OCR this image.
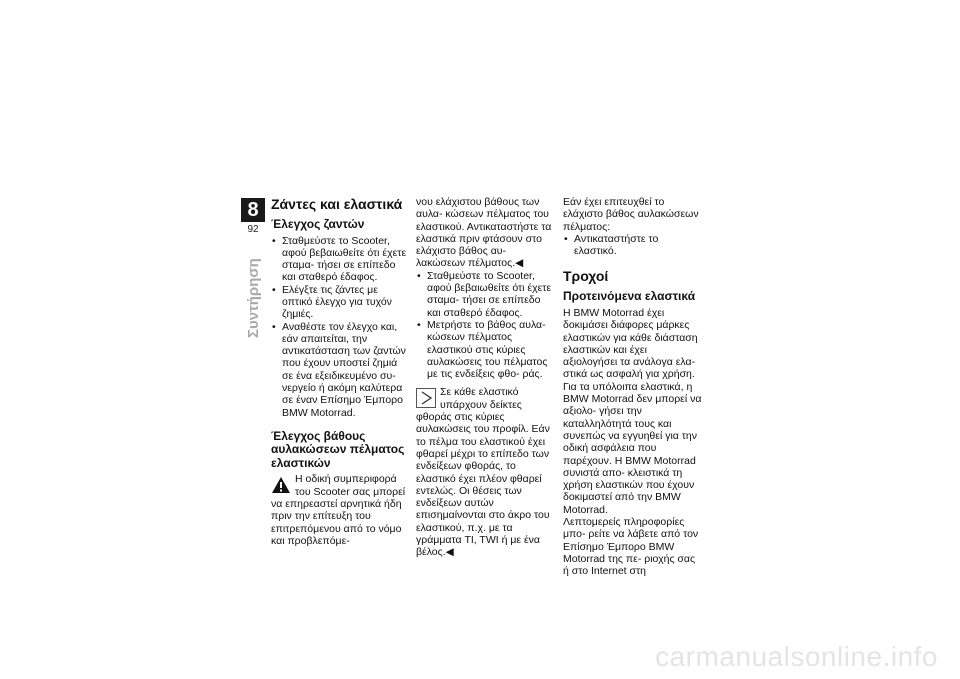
8
92
Συντήρηση
Ζάντες και ελαστικά
Έλεγχος ζαντών
• Σταθμεύστε το Scooter, αφού βεβαιωθείτε ότι έχετε σταμα- τήσει σε επίπεδο και σταθερό έδαφος.
• Ελέγξτε τις ζάντες με οπτικό έλεγχο για τυχόν ζημιές.
• Αναθέστε τον έλεγχο και, εάν απαιτείται, την αντικατάσταση των ζαντών που έχουν υποστεί ζημιά σε ένα εξειδικευμένο συ- νεργείο ή ακόμη καλύτερα σε έναν Επίσημο Έμπορο BMW Motorrad.
Έλεγχος βάθους αυλακώσεων πέλματος ελαστικών

Η οδική συμπεριφορά του Scooter σας μπορεί να επηρεαστεί αρνητικά ήδη πριν την επίτευξη του επιτρεπόμενου από το νόμο και προβλεπόμε-

νου ελάχιστου βάθους των αυλα- κώσεων πέλματος του ελαστικού. Αντικαταστήστε τα ελαστικά πριν φτάσουν στο ελάχιστο βάθος αυ- λακώσεων πέλματος.◀

• Σταθμεύστε το Scooter, αφού βεβαιωθείτε ότι έχετε σταμα- τήσει σε επίπεδο και σταθερό έδαφος.
• Μετρήστε το βάθος αυλα- κώσεων πέλματος ελαστικού στις κύριες αυλακώσεις του πέλματος με τις ενδείξεις φθο- ράς.

Σε κάθε ελαστικό υπάρχουν δείκτες φθοράς στις κύριες αυλακώσεις του προφίλ. Εάν το πέλμα του ελαστικού έχει φθαρεί μέχρι το επίπεδο των ενδείξεων φθοράς, το ελαστικό έχει πλέον φθαρεί εντελώς. Οι θέσεις των ενδείξεων αυτών επισημαίνονται στο άκρο του ελαστικού, π.χ. με τα γράμματα TI, TWI ή με ένα βέλος.◀

Εάν έχει επιτευχθεί το ελάχιστο βάθος αυλακώσεων πέλματος:

• Αντικαταστήστε το ελαστικό.
Τροχοί
Προτεινόμενα ελαστικά

Η BMW Motorrad έχει δοκιμάσει διάφορες μάρκες ελαστικών για κάθε διάσταση ελαστικών και έχει αξιολογήσει τα ανάλογα ελα- στικά ως ασφαλή για χρήση. Για τα υπόλοιπα ελαστικά, η BMW Motorrad δεν μπορεί να αξιολο- γήσει την καταλληλότητά τους και συνεπώς να εγγυηθεί για την οδική ασφάλεια που παρέχουν. Η BMW Motorrad συνιστά απο- κλειστικά τη χρήση ελαστικών που έχουν δοκιμαστεί από την BMW Motorrad.

Λεπτομερείς πληροφορίες μπο- ρείτε να λάβετε από τον Επίσημο Έμπορο BMW Motorrad της πε- ριοχής σας ή στο Internet στη

carmanualsonline.info
